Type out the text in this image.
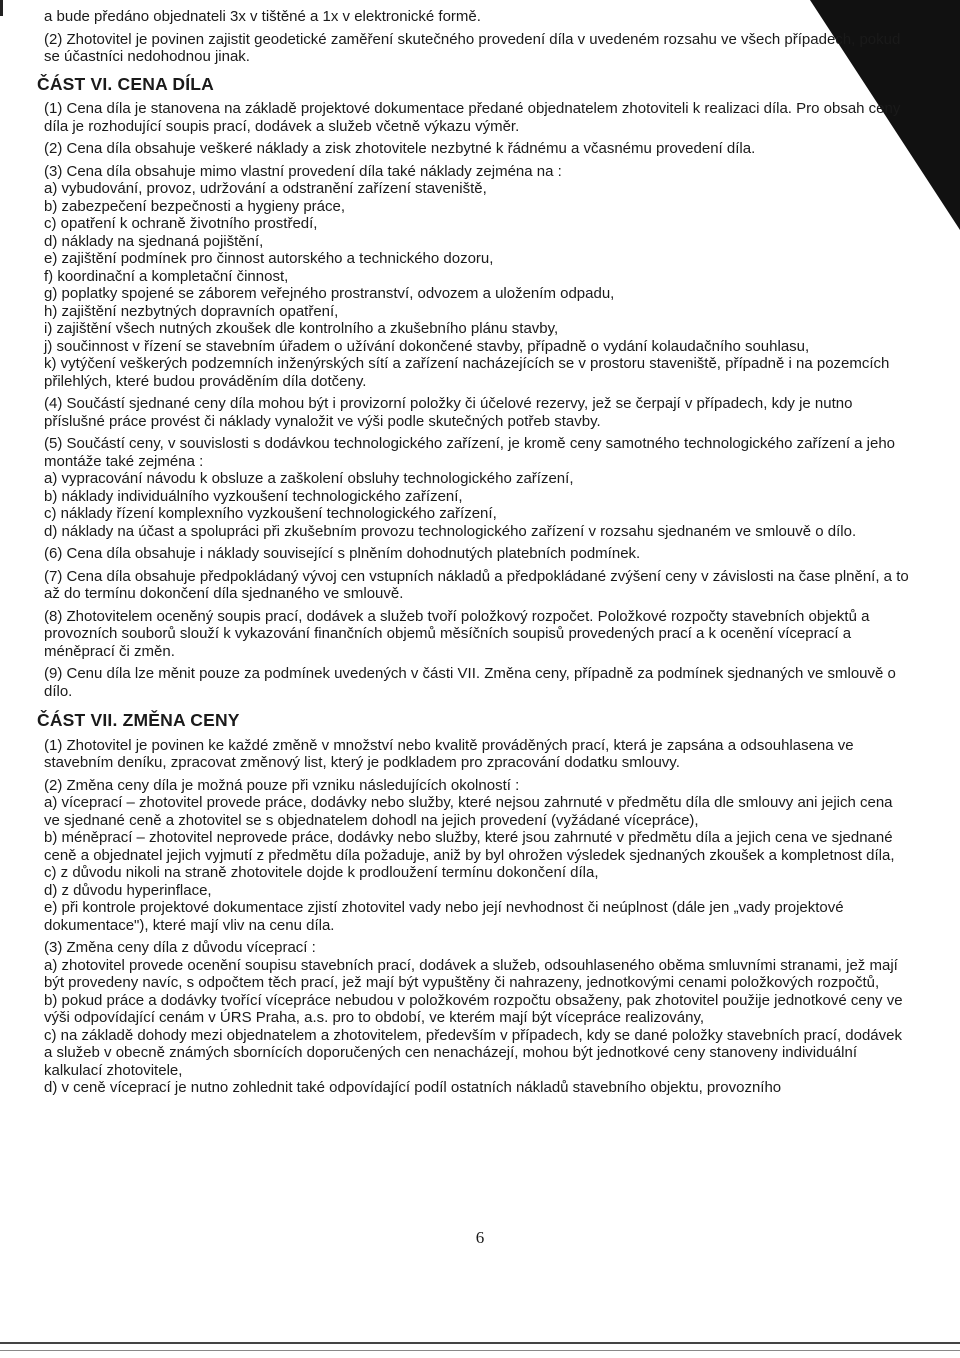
a bude předáno objednateli 3x v tištěné a 1x v elektronické formě.

(2) Zhotovitel je povinen zajistit geodetické zaměření skutečného provedení díla v uvedeném rozsahu ve všech případech, pokud se účastníci nedohodnou jinak.

ČÁST VI. CENA DÍLA

(1) Cena díla je stanovena na základě projektové dokumentace předané objednatelem zhotoviteli k realizaci díla. Pro obsah ceny díla je rozhodující soupis prací, dodávek a služeb včetně výkazu výměr.

(2) Cena díla obsahuje veškeré náklady a zisk zhotovitele nezbytné k řádnému a včasnému provedení díla.

(3) Cena díla obsahuje mimo vlastní provedení díla také náklady zejména na :

a) vybudování, provoz, udržování a odstranění zařízení staveniště,
b) zabezpečení bezpečnosti a hygieny práce,
c) opatření k ochraně životního prostředí,
d) náklady na sjednaná pojištění,
e) zajištění podmínek pro činnost autorského a technického dozoru,
f) koordinační a kompletační činnost,
g) poplatky spojené se záborem veřejného prostranství, odvozem a uložením odpadu,
h) zajištění nezbytných dopravních opatření,
i) zajištění všech nutných zkoušek dle kontrolního a zkušebního plánu stavby,
j) součinnost v řízení se stavebním úřadem o užívání dokončené stavby, případně o vydání kolaudačního souhlasu,
k) vytýčení veškerých podzemních inženýrských sítí a zařízení nacházejících se v prostoru staveniště, případně i na pozemcích přilehlých, které budou prováděním díla dotčeny.

(4) Součástí sjednané ceny díla mohou být i provizorní položky či účelové rezervy, jež se čerpají v případech, kdy je nutno příslušné práce provést či náklady vynaložit ve výši podle skutečných potřeb stavby.

(5) Součástí ceny, v souvislosti s dodávkou technologického zařízení, je kromě ceny samotného technologického zařízení a jeho montáže také zejména :

a) vypracování návodu k obsluze a zaškolení obsluhy technologického zařízení,
b) náklady individuálního vyzkoušení technologického zařízení,
c) náklady řízení komplexního vyzkoušení technologického zařízení,
d) náklady na účast a spolupráci při zkušebním provozu technologického zařízení v rozsahu sjednaném ve smlouvě o dílo.

(6) Cena díla obsahuje i náklady související s plněním dohodnutých platebních podmínek.

(7) Cena díla obsahuje předpokládaný vývoj cen vstupních nákladů a předpokládané zvýšení ceny v závislosti na čase plnění, a to až do termínu dokončení díla sjednaného ve smlouvě.

(8) Zhotovitelem oceněný soupis prací, dodávek a služeb tvoří položkový rozpočet. Položkové rozpočty stavebních objektů a provozních souborů slouží k vykazování finančních objemů měsíčních soupisů provedených prací a k ocenění víceprací a méněprací či změn.

(9) Cenu díla lze měnit pouze za podmínek uvedených v části VII. Změna ceny, případně za podmínek sjednaných ve smlouvě o dílo.

ČÁST VII. ZMĚNA CENY

(1) Zhotovitel je povinen ke každé změně v množství nebo kvalitě prováděných prací, která je zapsána a odsouhlasena ve stavebním deníku, zpracovat změnový list, který je podkladem pro zpracování dodatku smlouvy.

(2) Změna ceny díla je možná pouze při vzniku následujících okolností :

a) víceprací – zhotovitel provede práce, dodávky nebo služby, které nejsou zahrnuté v předmětu díla dle smlouvy ani jejich cena ve sjednané ceně a zhotovitel se s objednatelem dohodl na jejich provedení (vyžádané vícepráce),
b) méněprací – zhotovitel neprovede práce, dodávky nebo služby, které jsou zahrnuté v předmětu díla a jejich cena ve sjednané ceně a objednatel jejich vyjmutí z předmětu díla požaduje, aniž by byl ohrožen výsledek sjednaných zkoušek a kompletnost díla,
c) z důvodu nikoli na straně zhotovitele dojde k prodloužení termínu dokončení díla,
d) z důvodu hyperinflace,
e) při kontrole projektové dokumentace zjistí zhotovitel vady nebo její nevhodnost či neúplnost (dále jen „vady projektové dokumentace"), které mají vliv na cenu díla.

(3) Změna ceny díla z důvodu víceprací :

a) zhotovitel provede ocenění soupisu stavebních prací, dodávek a služeb, odsouhlaseného oběma smluvními stranami, jež mají být provedeny navíc, s odpočtem těch prací, jež mají být vypuštěny či nahrazeny, jednotkovými cenami položkových rozpočtů,
b) pokud práce a dodávky tvořící vícepráce nebudou v položkovém rozpočtu obsaženy, pak zhotovitel použije jednotkové ceny ve výši odpovídající cenám v ÚRS Praha, a.s. pro to období, ve kterém mají být vícepráce realizovány,
c) na základě dohody mezi objednatelem a zhotovitelem, především v případech, kdy se dané položky stavebních prací, dodávek a služeb v obecně známých sbornících doporučených cen nenacházejí, mohou být jednotkové ceny stanoveny individuální kalkulací zhotovitele,
d) v ceně víceprací je nutno zohlednit také odpovídající podíl ostatních nákladů stavebního objektu, provozního
6
